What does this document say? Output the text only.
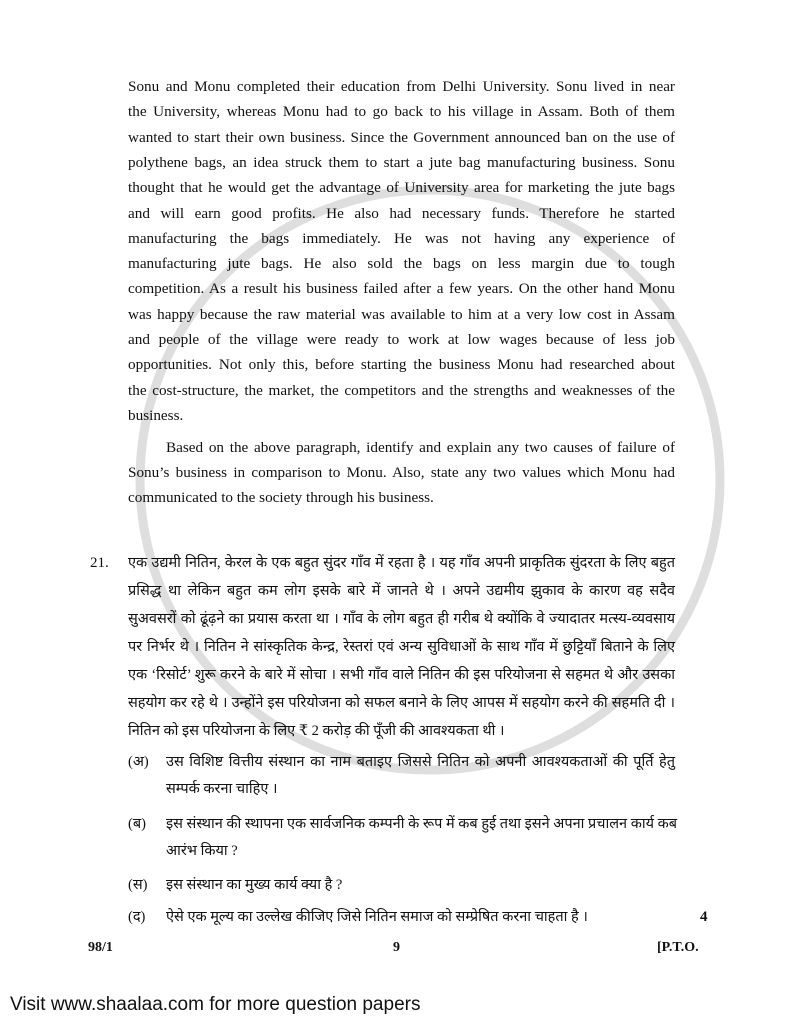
Sonu and Monu completed their education from Delhi University. Sonu lived in near
the University, whereas Monu had to go back to his village in Assam. Both of them
wanted to start their own business. Since the Government announced ban on the use of
polythene bags, an idea struck them to start a jute bag manufacturing business. Sonu
thought that he would get the advantage of University area for marketing the jute bags
and will earn good profits. He also had necessary funds. Therefore he started
manufacturing the bags immediately. He was not having any experience of
manufacturing jute bags. He also sold the bags on less margin due to tough
competition. As a result his business failed after a few years. On the other hand Monu
was happy because the raw material was available to him at a very low cost in Assam
and people of the village were ready to work at low wages because of less job
opportunities. Not only this, before starting the business Monu had researched about
the cost-structure, the market, the competitors and the strengths and weaknesses of the
business.
Based on the above paragraph, identify and explain any two causes of failure of
Sonu’s business in comparison to Monu. Also, state any two values which Monu had
communicated to the society through his business.
21. एक उद्यमी नितिन, केरल के एक बहुत सुंदर गाँव में रहता है । यह गाँव अपनी प्राकृतिक सुंदरता के लिए बहुत
प्रसिद्ध था लेकिन बहुत कम लोग इसके बारे में जानते थे । अपने उद्यमीय झुकाव के कारण वह सदैव
सुअवसरों को ढूंढ़ने का प्रयास करता था । गाँव के लोग बहुत ही गरीब थे क्योंकि वे ज्यादातर मत्स्य-व्यवसाय
पर निर्भर थे । नितिन ने सांस्कृतिक केन्द्र, रेस्तरां एवं अन्य सुविधाओं के साथ गाँव में छुट्टियाँ बिताने के लिए
एक ‘रिसोर्ट’ शुरू करने के बारे में सोचा । सभी गाँव वाले नितिन की इस परियोजना से सहमत थे और उसका
सहयोग कर रहे थे । उन्होंने इस परियोजना को सफल बनाने के लिए आपस में सहयोग करने की सहमति दी ।
नितिन को इस परियोजना के लिए ₹ 2 करोड़ की पूँजी की आवश्यकता थी ।
(अ) उस विशिष्ट वित्तीय संस्थान का नाम बताइए जिससे नितिन को अपनी आवश्यकताओं की पूर्ति हेतु
सम्पर्क करना चाहिए ।
(ब) इस संस्थान की स्थापना एक सार्वजनिक कम्पनी के रूप में कब हुई तथा इसने अपना प्रचालन कार्य कब
आरंभ किया ?
(स) इस संस्थान का मुख्य कार्य क्या है ?
(द) ऐसे एक मूल्य का उल्लेख कीजिए जिसे नितिन समाज को सम्प्रेषित करना चाहता है ।	4
98/1	9	[P.T.O.
Visit www.shaalaa.com for more question papers
